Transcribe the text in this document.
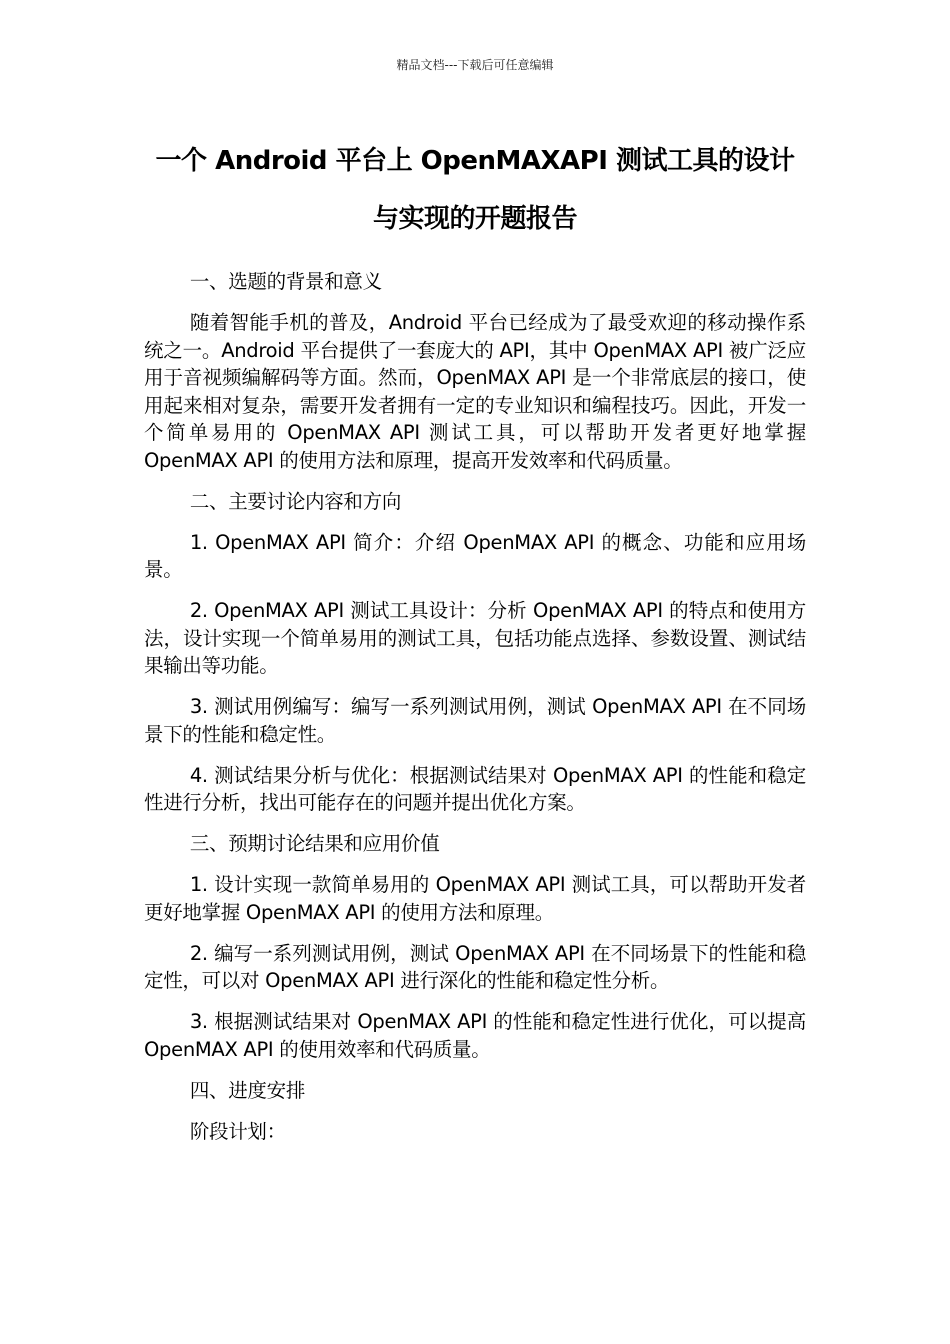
精品文档---下载后可任意编辑
一个 Android 平台上 OpenMAXAPI 测试工具的设计
与实现的开题报告

一、选题的背景和意义

随着智能手机的普及，Android 平台已经成为了最受欢迎的移动操作系统之一。Android 平台提供了一套庞大的 API，其中 OpenMAX API 被广泛应用于音视频编解码等方面。然而，OpenMAX API 是一个非常底层的接口，使用起来相对复杂，需要开发者拥有一定的专业知识和编程技巧。因此，开发一个简单易用的 OpenMAX API 测试工具，可以帮助开发者更好地掌握 OpenMAX API 的使用方法和原理，提高开发效率和代码质量。

二、主要讨论内容和方向

1. OpenMAX API 简介：介绍 OpenMAX API 的概念、功能和应用场景。

2. OpenMAX API 测试工具设计：分析 OpenMAX API 的特点和使用方法，设计实现一个简单易用的测试工具，包括功能点选择、参数设置、测试结果输出等功能。

3. 测试用例编写：编写一系列测试用例，测试 OpenMAX API 在不同场景下的性能和稳定性。

4. 测试结果分析与优化：根据测试结果对 OpenMAX API 的性能和稳定性进行分析，找出可能存在的问题并提出优化方案。

三、预期讨论结果和应用价值

1. 设计实现一款简单易用的 OpenMAX API 测试工具，可以帮助开发者更好地掌握 OpenMAX API 的使用方法和原理。

2. 编写一系列测试用例，测试 OpenMAX API 在不同场景下的性能和稳定性，可以对 OpenMAX API 进行深化的性能和稳定性分析。

3. 根据测试结果对 OpenMAX API 的性能和稳定性进行优化，可以提高 OpenMAX API 的使用效率和代码质量。

四、进度安排

阶段计划：
